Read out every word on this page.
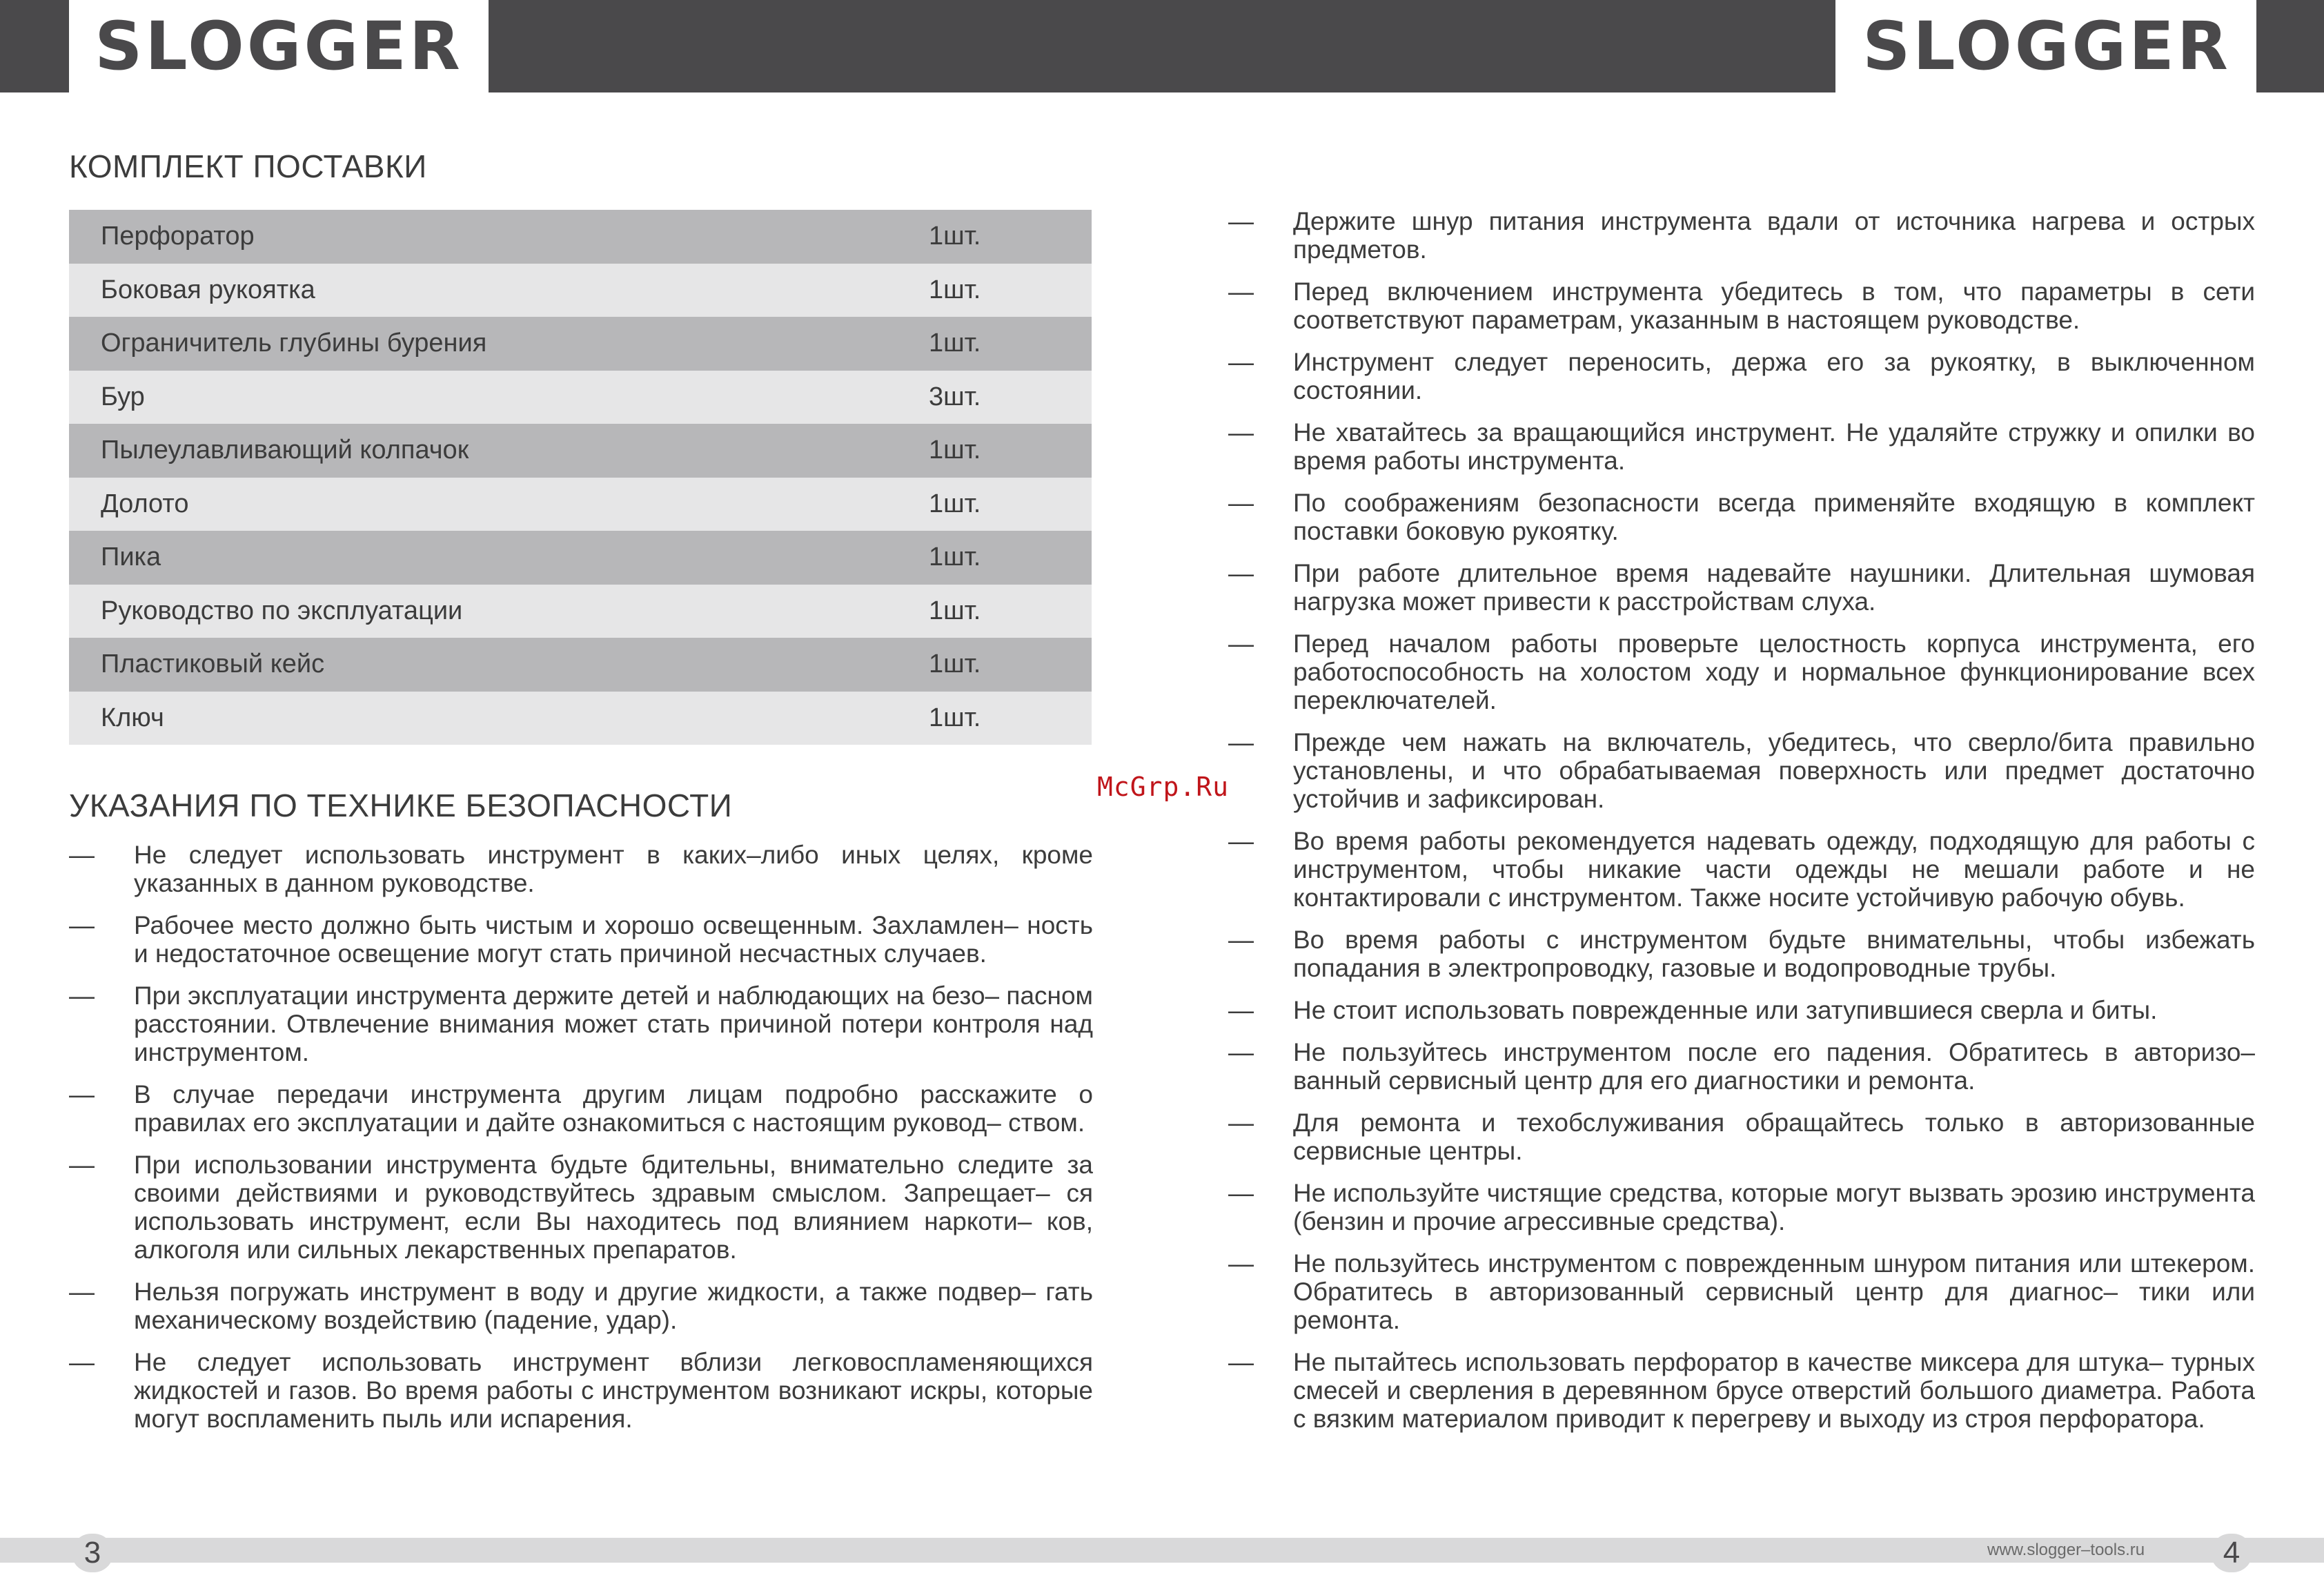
SLOGGER	SLOGGER
КОМПЛЕКТ ПОСТАВКИ
Перфоратор	1шт.
Боковая рукоятка	1шт.
Ограничитель глубины бурения	1шт.
Бур	3шт.
Пылеулавливающий колпачок	1шт.
Долото	1шт.
Пика	1шт.
Руководство по эксплуатации	1шт.
Пластиковый кейс	1шт.
Ключ	1шт.
УКАЗАНИЯ ПО ТЕХНИКЕ БЕЗОПАСНОСТИ
McGrp.Ru
—	Не следует использовать инструмент в каких–либо иных целях, кроме указанных в данном руководстве.
—	Рабочее место должно быть чистым и хорошо освещенным. Захламлен– ность и недостаточное освещение могут стать причиной несчастных случаев.
—	При эксплуатации инструмента держите детей и наблюдающих на безо– пасном расстоянии. Отвлечение внимания может стать причиной потери контроля над инструментом.
—	В случае передачи инструмента другим лицам подробно расскажите о правилах его эксплуатации и дайте ознакомиться с настоящим руковод– ством.
—	При использовании инструмента будьте бдительны, внимательно следите за своими действиями и руководствуйтесь здравым смыслом. Запрещает– ся использовать инструмент, если Вы находитесь под влиянием наркоти– ков, алкоголя или сильных лекарственных препаратов.
—	Нельзя погружать инструмент в воду и другие жидкости, а также подвер– гать механическому воздействию (падение, удар).
—	Не следует использовать инструмент вблизи легковоспламеняющихся жидкостей и газов. Во время работы с инструментом возникают искры, которые могут воспламенить пыль или испарения.
—	Держите шнур питания инструмента вдали от источника нагрева и острых предметов.
—	Перед включением инструмента убедитесь в том, что параметры в сети соответствуют параметрам, указанным в настоящем руководстве.
—	Инструмент следует переносить, держа его за рукоятку, в выключенном состоянии.
—	Не хватайтесь за вращающийся инструмент. Не удаляйте стружку и опилки во время работы инструмента.
—	По соображениям безопасности всегда применяйте входящую в комплект поставки боковую рукоятку.
—	При работе длительное время надевайте наушники. Длительная шумовая нагрузка может привести к расстройствам слуха.
—	Перед началом работы проверьте целостность корпуса инструмента, его работоспособность на холостом ходу и нормальное функционирование всех переключателей.
—	Прежде чем нажать на включатель, убедитесь, что сверло/бита правильно установлены, и что обрабатываемая поверхность или предмет достаточно устойчив и зафиксирован.
—	Во время работы рекомендуется надевать одежду, подходящую для работы с инструментом, чтобы никакие части одежды не мешали работе и не контактировали с инструментом. Также носите устойчивую рабочую обувь.
—	Во время работы с инструментом будьте внимательны, чтобы избежать попадания в электропроводку, газовые и водопроводные трубы.
—	Не стоит использовать поврежденные или затупившиеся сверла и биты.
—	Не пользуйтесь инструментом после его падения. Обратитесь в авторизо– ванный сервисный центр для его диагностики и ремонта.
—	Для ремонта и техобслуживания обращайтесь только в авторизованные сервисные центры.
—	Не используйте чистящие средства, которые могут вызвать эрозию инструмента (бензин и прочие агрессивные средства).
—	Не пользуйтесь инструментом с поврежденным шнуром питания или штекером. Обратитесь в авторизованный сервисный центр для диагнос– тики или ремонта.
—	Не пытайтесь использовать перфоратор в качестве миксера для штука– турных смесей и сверления в деревянном брусе отверстий большого диаметра. Работа с вязким материалом приводит к перегреву и выходу из строя перфоратора.
3	www.slogger–tools.ru	4
